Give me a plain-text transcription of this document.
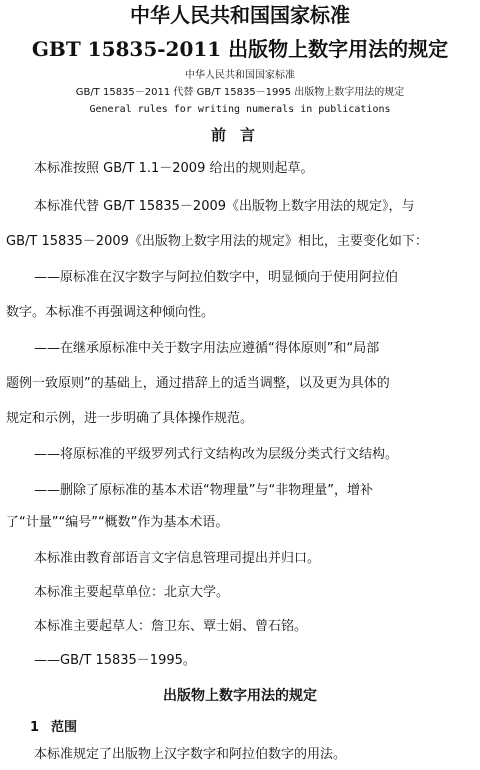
中华人民共和国国家标准
GBT 15835-2011 出版物上数字用法的规定
中华人民共和国国家标准
GB/T 15835－2011 代替 GB/T 15835－1995 出版物上数字用法的规定
General rules for writing numerals in publications
前言
本标准按照 GB/T 1.1－2009 给出的规则起草。
本标准代替 GB/T 15835－2009《出版物上数字用法的规定》，与
GB/T 15835－2009《出版物上数字用法的规定》相比，主要变化如下：
——原标准在汉字数字与阿拉伯数字中，明显倾向于使用阿拉伯
数字。本标准不再强调这种倾向性。
——在继承原标准中关于数字用法应遵循“得体原则”和“局部
题例一致原则”的基础上，通过措辞上的适当调整，以及更为具体的
规定和示例，进一步明确了具体操作规范。
——将原标准的平级罗列式行文结构改为层级分类式行文结构。
——删除了原标准的基本术语“物理量”与“非物理量”，增补
了“计量”“编号”“概数”作为基本术语。
本标准由教育部语言文字信息管理司提出并归口。
本标准主要起草单位：北京大学。
本标准主要起草人：詹卫东、覃士娟、曾石铭。
——GB/T 15835－1995。
出版物上数字用法的规定
1 范围
本标准规定了出版物上汉字数字和阿拉伯数字的用法。
